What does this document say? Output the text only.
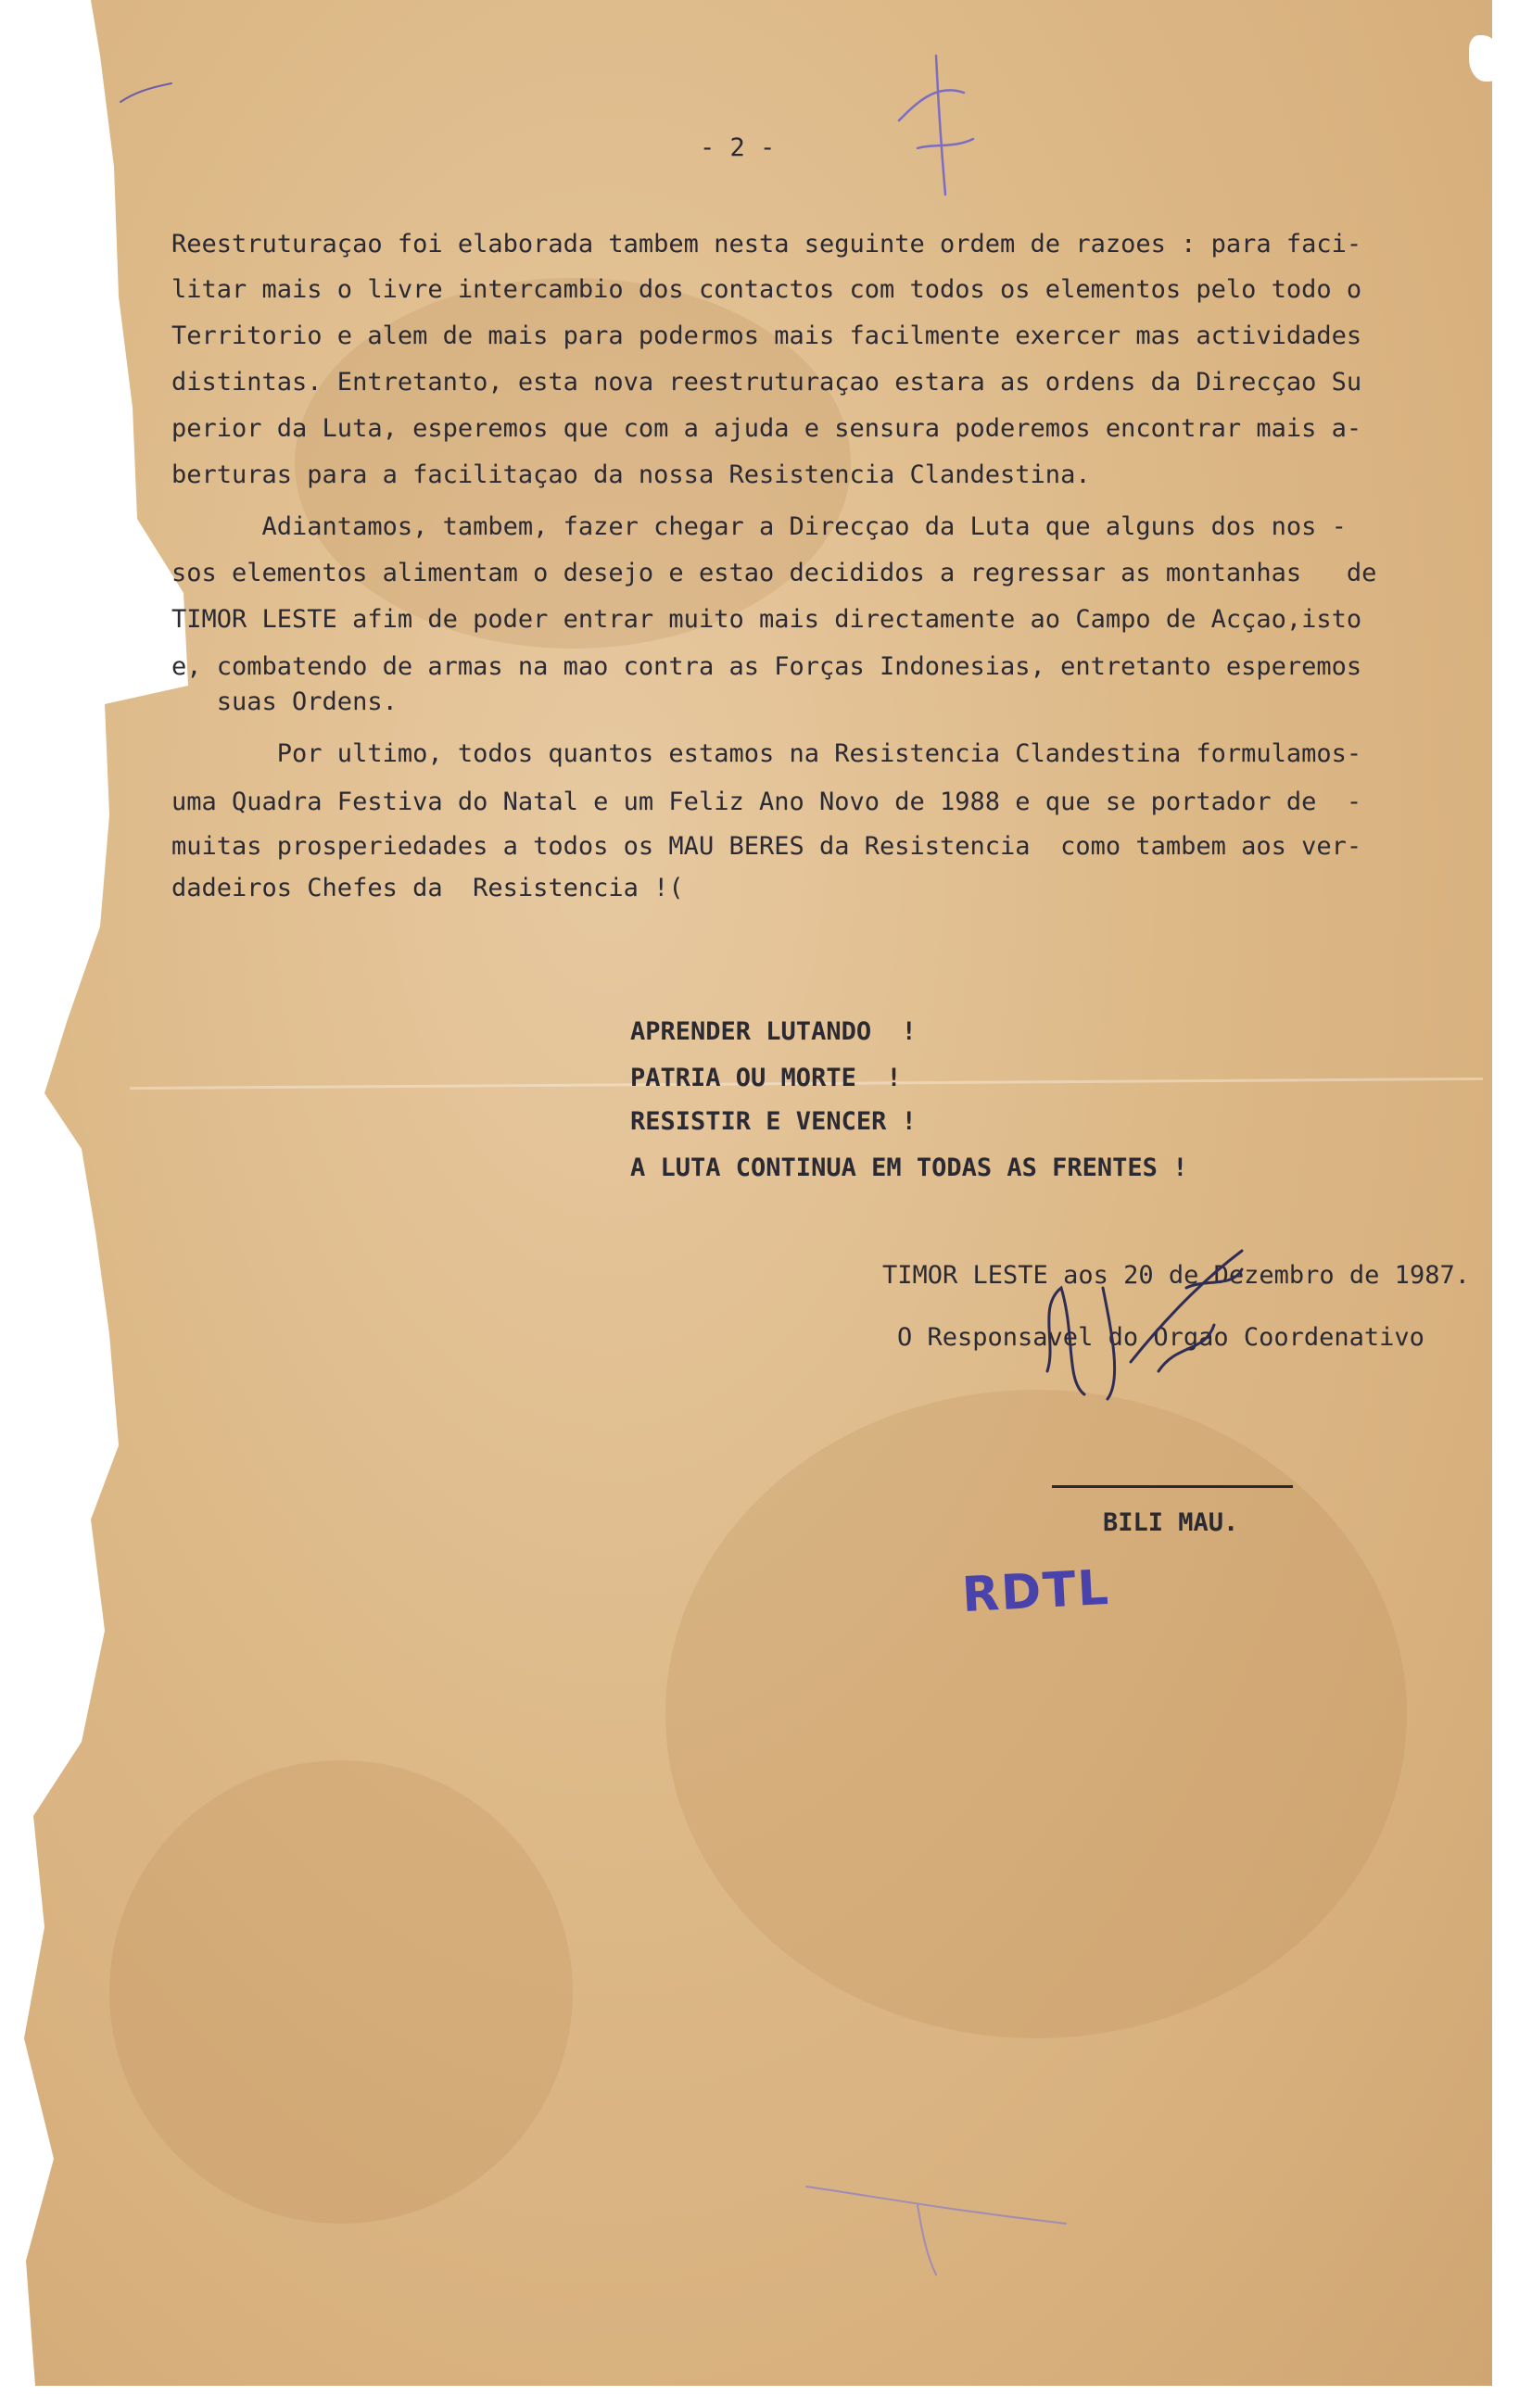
- 2 -
Reestruturaçao foi elaborada tambem nesta seguinte ordem de razoes : para faci-
litar mais o livre intercambio dos contactos com todos os elementos pelo todo o
Territorio e alem de mais para podermos mais facilmente exercer mas actividades
distintas. Entretanto, esta nova reestruturaçao estara as ordens da Direcçao Su
perior da Luta, esperemos que com a ajuda e sensura poderemos encontrar mais a-
berturas para a facilitaçao da nossa Resistencia Clandestina.
Adiantamos, tambem, fazer chegar a Direcçao da Luta que alguns dos nos -
sos elementos alimentam o desejo e estao decididos a regressar as montanhas   de
TIMOR LESTE afim de poder entrar muito mais directamente ao Campo de Acçao,isto
e, combatendo de armas na mao contra as Forças Indonesias, entretanto esperemos
suas Ordens.
Por ultimo, todos quantos estamos na Resistencia Clandestina formulamos-
uma Quadra Festiva do Natal e um Feliz Ano Novo de 1988 e que se portador de  -
muitas prosperiedades a todos os MAU BERES da Resistencia  como tambem aos ver-
dadeiros Chefes da  Resistencia !(
APRENDER LUTANDO  !
PATRIA OU MORTE  !
RESISTIR E VENCER !
A LUTA CONTINUA EM TODAS AS FRENTES !
TIMOR LESTE aos 20 de Dezembro de 1987.
O Responsavel do Orgao Coordenativo
BILI MAU.
RDTL
